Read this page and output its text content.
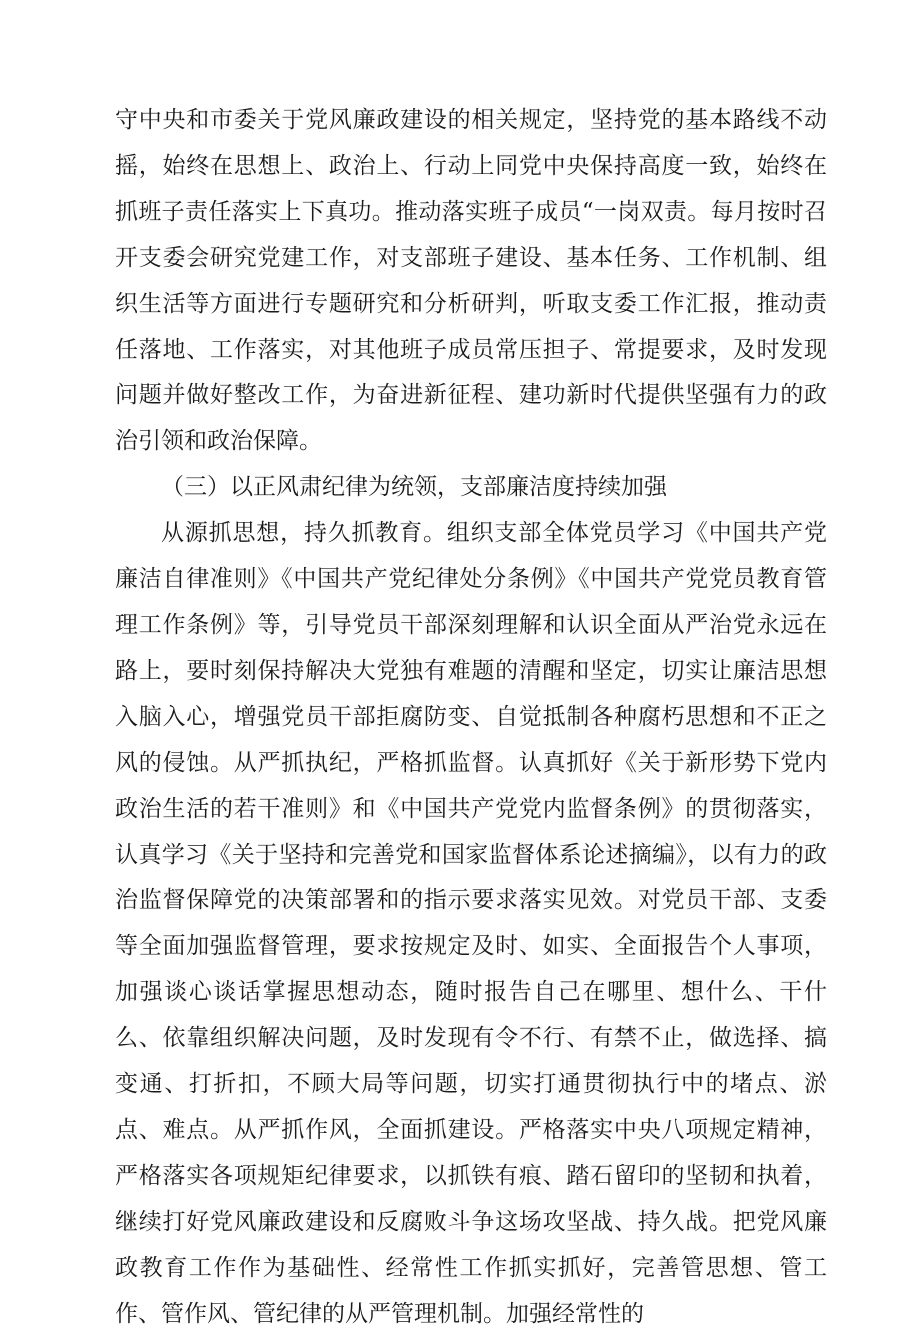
守中央和市委关于党风廉政建设的相关规定，坚持党的基本路线不动摇，始终在思想上、政治上、行动上同党中央保持高度一致，始终在抓班子责任落实上下真功。推动落实班子成员“一岗双责。每月按时召开支委会研究党建工作，对支部班子建设、基本任务、工作机制、组织生活等方面进行专题研究和分析研判，听取支委工作汇报，推动责任落地、工作落实，对其他班子成员常压担子、常提要求，及时发现问题并做好整改工作，为奋进新征程、建功新时代提供坚强有力的政治引领和政治保障。

（三）以正风肃纪律为统领，支部廉洁度持续加强

从源抓思想，持久抓教育。组织支部全体党员学习《中国共产党廉洁自律准则》《中国共产党纪律处分条例》《中国共产党党员教育管理工作条例》等，引导党员干部深刻理解和认识全面从严治党永远在路上，要时刻保持解决大党独有难题的清醒和坚定，切实让廉洁思想入脑入心，增强党员干部拒腐防变、自觉抵制各种腐朽思想和不正之风的侵蚀。从严抓执纪，严格抓监督。认真抓好《关于新形势下党内政治生活的若干准则》和《中国共产党党内监督条例》的贯彻落实，认真学习《关于坚持和完善党和国家监督体系论述摘编》，以有力的政治监督保障党的决策部署和的指示要求落实见效。对党员干部、支委等全面加强监督管理，要求按规定及时、如实、全面报告个人事项，加强谈心谈话掌握思想动态，随时报告自己在哪里、想什么、干什么、依靠组织解决问题，及时发现有令不行、有禁不止，做选择、搞变通、打折扣，不顾大局等问题，切实打通贯彻执行中的堵点、淤点、难点。从严抓作风，全面抓建设。严格落实中央八项规定精神，严格落实各项规矩纪律要求，以抓铁有痕、踏石留印的坚韧和执着，继续打好党风廉政建设和反腐败斗争这场攻坚战、持久战。把党风廉政教育工作作为基础性、经常性工作抓实抓好，完善管思想、管工作、管作风、管纪律的从严管理机制。加强经常性的
